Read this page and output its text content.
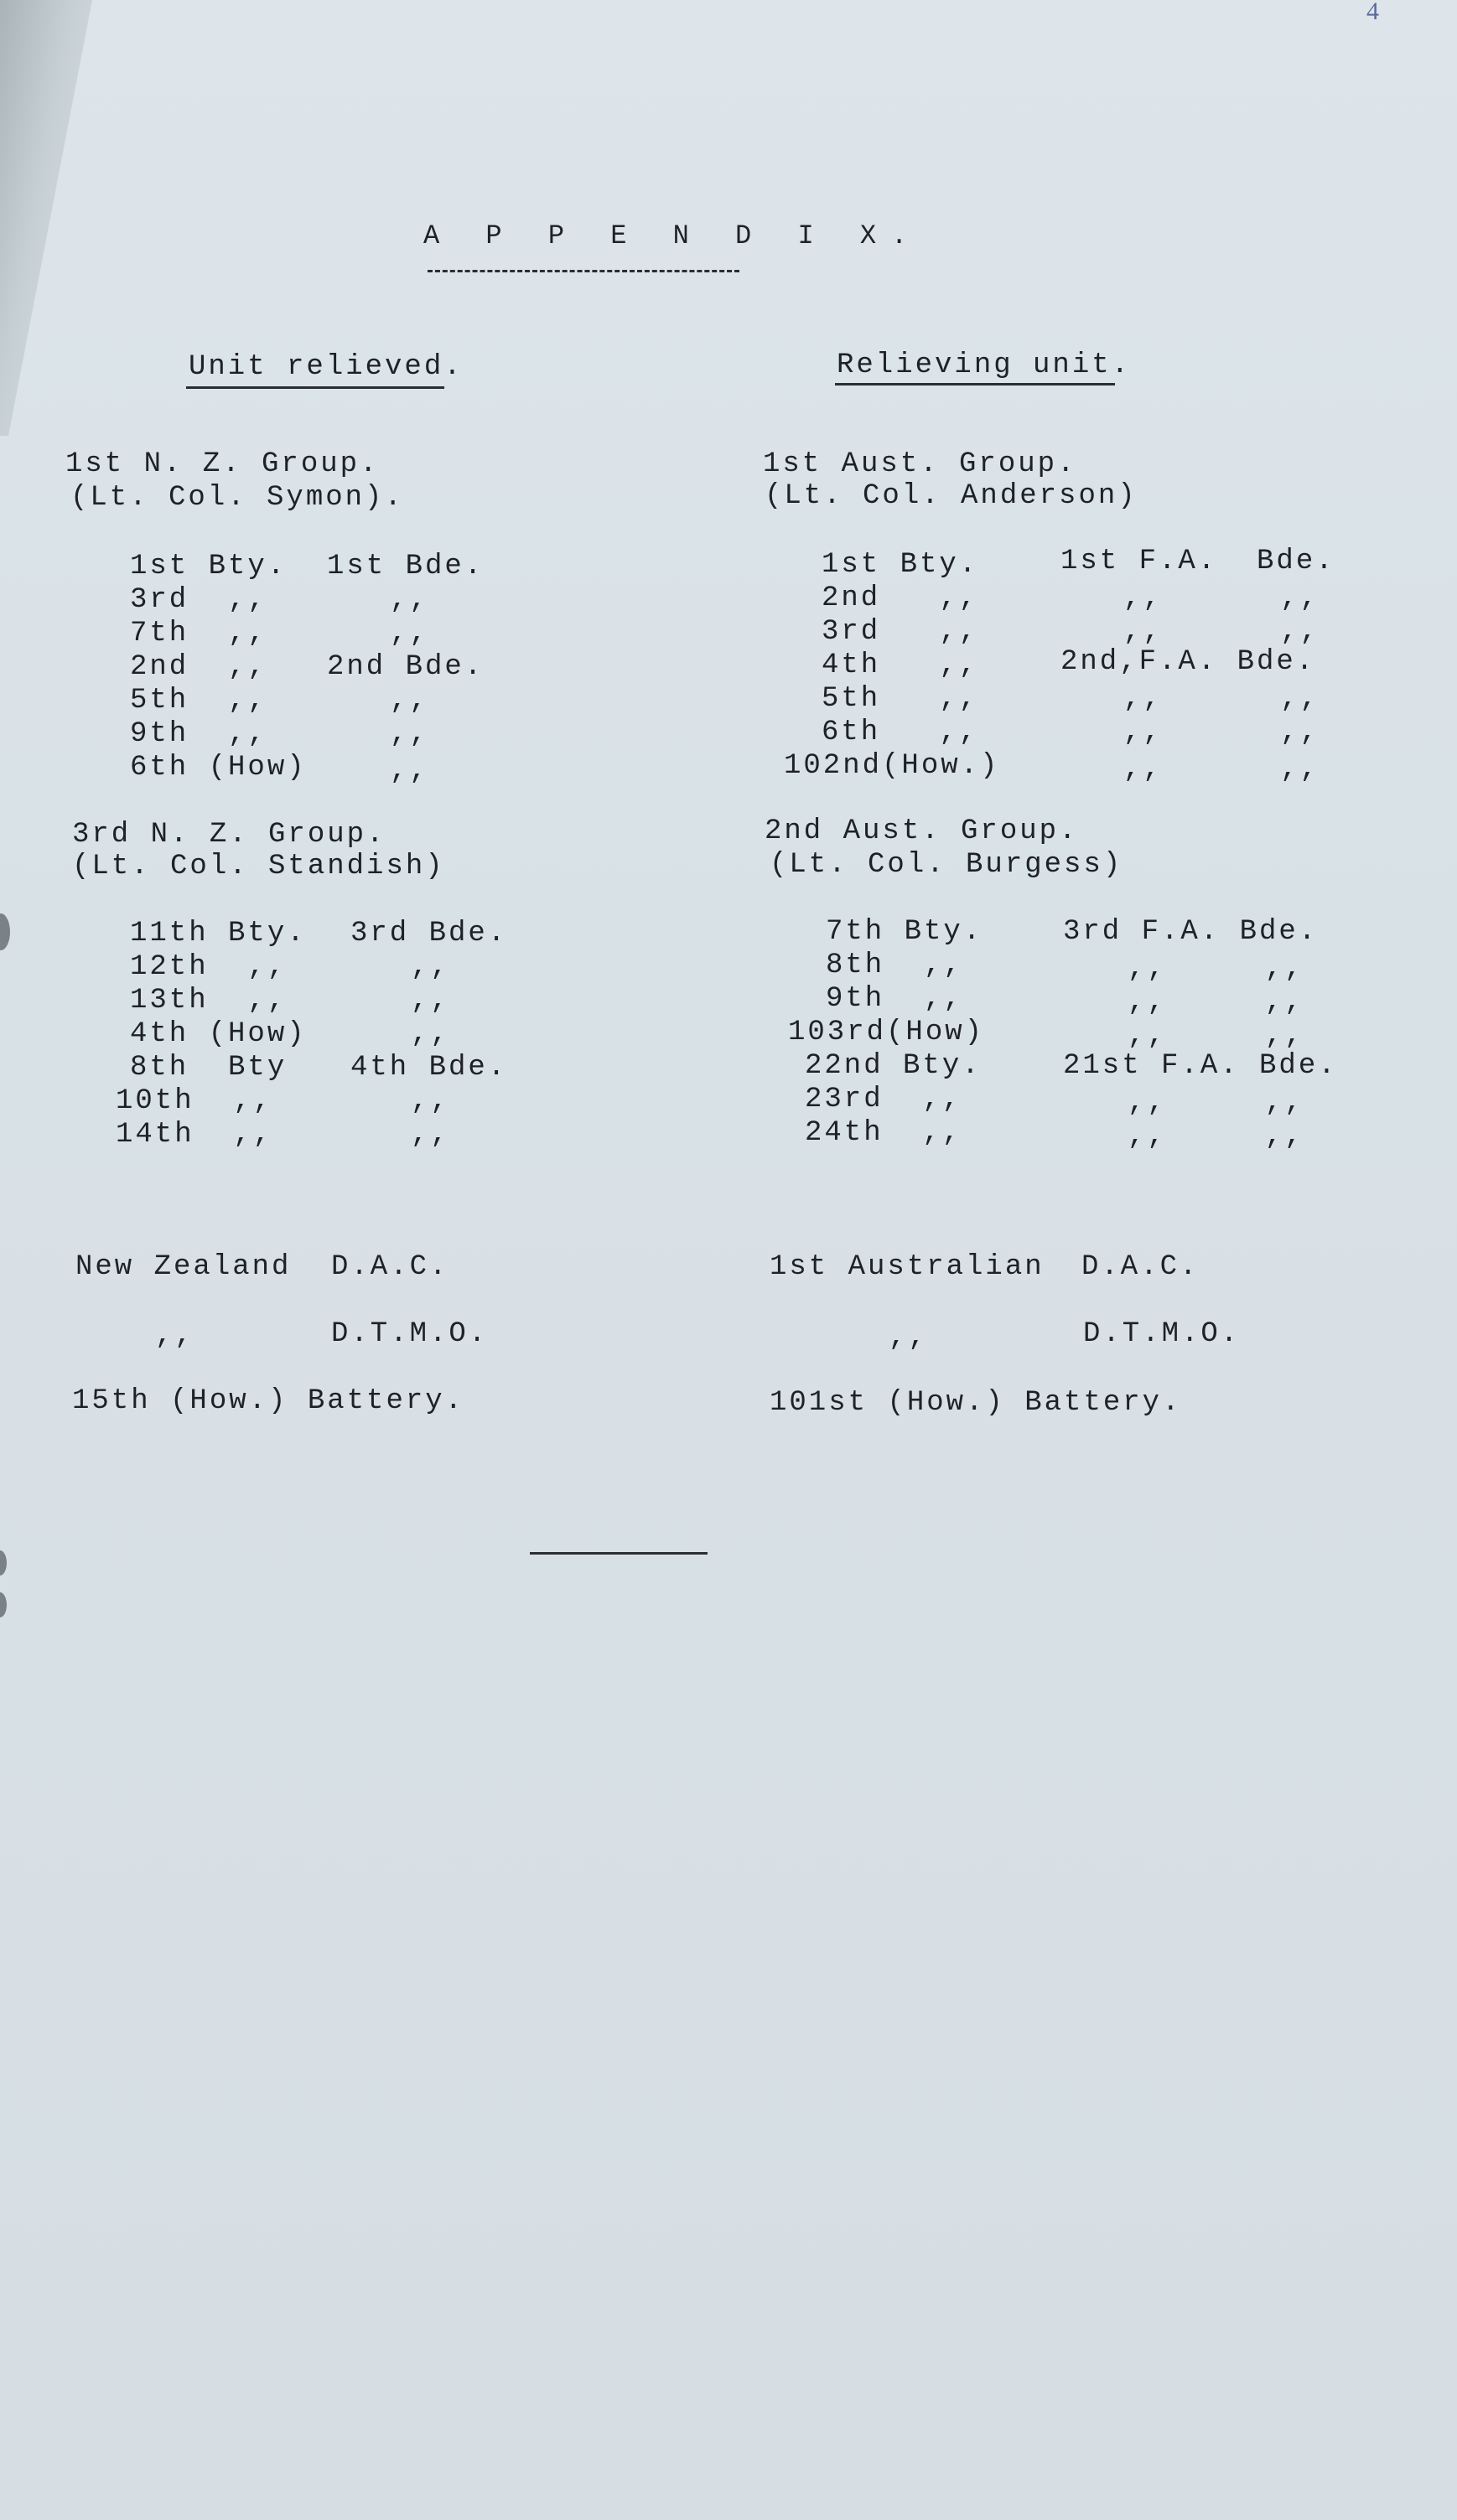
4
A P P E N D I X.
Unit relieved.	Relieving unit.
1st N. Z. Group.
(Lt. Col. Symon).
1st Aust. Group.
(Lt. Col. Anderson)
1st Bty. 1st Bde.	1st Bty.	1st F.A.  Bde.
3rd  ,,	,,	2nd   ,,	,,      ,,
7th  ,,	,,	3rd   ,,	,,      ,,
2nd  ,, 2nd Bde.	4th   ,,	2nd,F.A. Bde.
5th  ,,	,,	5th   ,,	,,      ,,
9th  ,,	,,	6th   ,,	,,      ,,
6th (How)	,,	102nd(How.)	,,      ,,
3rd N. Z. Group.
(Lt. Col. Standish)
2nd Aust. Group.
(Lt. Col. Burgess)
11th Bty. 3rd Bde.	7th Bty.	3rd F.A. Bde.
12th  ,,	,,	8th  ,,	,,     ,,
13th  ,,	,,	9th  ,,	,,     ,,
4th (How)	,,	103rd(How)	,,     ,,
8th  Bty 4th Bde.	22nd Bty.	21st F.A. Bde.
10th  ,,	,,	23rd  ,,	,,     ,,
14th  ,,	,,	24th  ,,	,,     ,,
New Zealand D.A.C.	1st Australian D.A.C.
,,	D.T.M.O.	,,	D.T.M.O.
15th (How.) Battery.	101st (How.) Battery.
